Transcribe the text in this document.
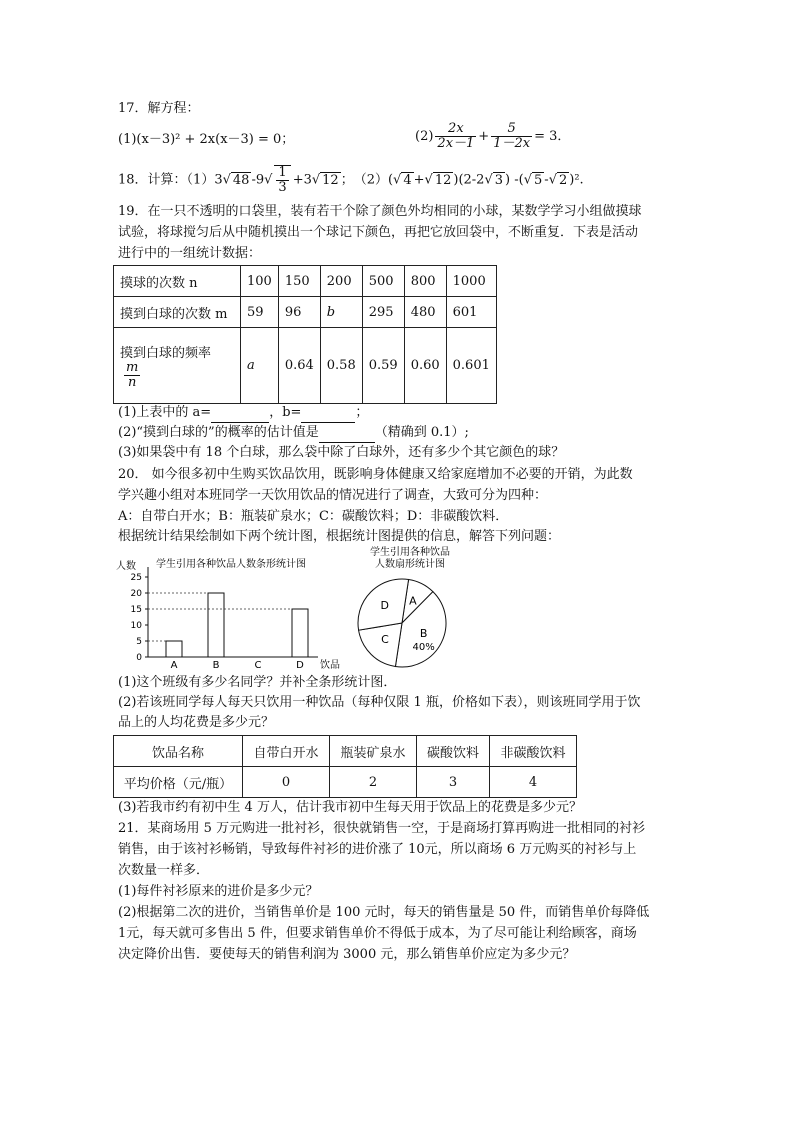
17．解方程：
(1)(x－3)² + 2x(x－3) = 0；	$(2) \frac{2x}{2x-1} + \frac{5}{1-2x} = 3$．
18．计算：（1）3√ 48 $-9√ \frac{1}{3} +3√$ 12 ；　（2）(√ 4 +√ 12 )(2-2√ 3 ) -(√ 5 -√ 2 )².
19．在一只不透明的口袋里，装有若干个除了颜色外均相同的小球，某数学学习小组做摸球
试验，将球搅匀后从中随机摸出一个球记下颜色，再把它放回袋中，不断重复．下表是活动
进行中的一组统计数据：
摸球的次数 n	100	150	200	500	800	1000
摸到白球的次数 m	59	96	b	295	480	601

摸到白球的频率
$\frac{m}{n}$	a	0.64	0.58	0.59	0.60	0.601
(1)上表中的 a=	，b=	；
(2)“摸到白球的”的概率的估计值是	（精确到 0.1）;
(3)如果袋中有 18 个白球，那么袋中除了白球外，还有多少个其它颜色的球？
20． 如今很多初中生购买饮品饮用，既影响身体健康又给家庭增加不必要的开销，为此数
学兴趣小组对本班同学一天饮用饮品的情况进行了调查，大致可分为四种：
A：自带白开水；B：瓶装矿泉水；C：碳酸饮料；D：非碳酸饮料．
根据统计结果绘制如下两个统计图，根据统计图提供的信息，解答下列问题：
人数 学生引用各种饮品人数条形统计图
饮品
0
5
10
15
20
25
A	B	C	D
学生引用各种饮品
人数扇形统计图
A
B
40%
C
D
(1)这个班级有多少名同学？并补全条形统计图．
(2)若该班同学每人每天只饮用一种饮品（每种仅限 1 瓶，价格如下表），则该班同学用于饮
品上的人均花费是多少元？
饮品名称	自带白开水	瓶装矿泉水	碳酸饮料	非碳酸饮料
平均价格（元/瓶）	0	2	3	4
(3)若我市约有初中生 4 万人，估计我市初中生每天用于饮品上的花费是多少元？
21．某商场用 5 万元购进一批衬衫，很快就销售一空，于是商场打算再购进一批相同的衬衫
销售，由于该衬衫畅销，导致每件衬衫的进价涨了 10元，所以商场 6 万元购买的衬衫与上
次数量一样多．
(1)每件衬衫原来的进价是多少元？
(2)根据第二次的进价，当销售单价是 100 元时，每天的销售量是 50 件，而销售单价每降低
1元，每天就可多售出 5 件，但要求销售单价不得低于成本，为了尽可能让利给顾客，商场
决定降价出售．要使每天的销售利润为 3000 元，那么销售单价应定为多少元？
